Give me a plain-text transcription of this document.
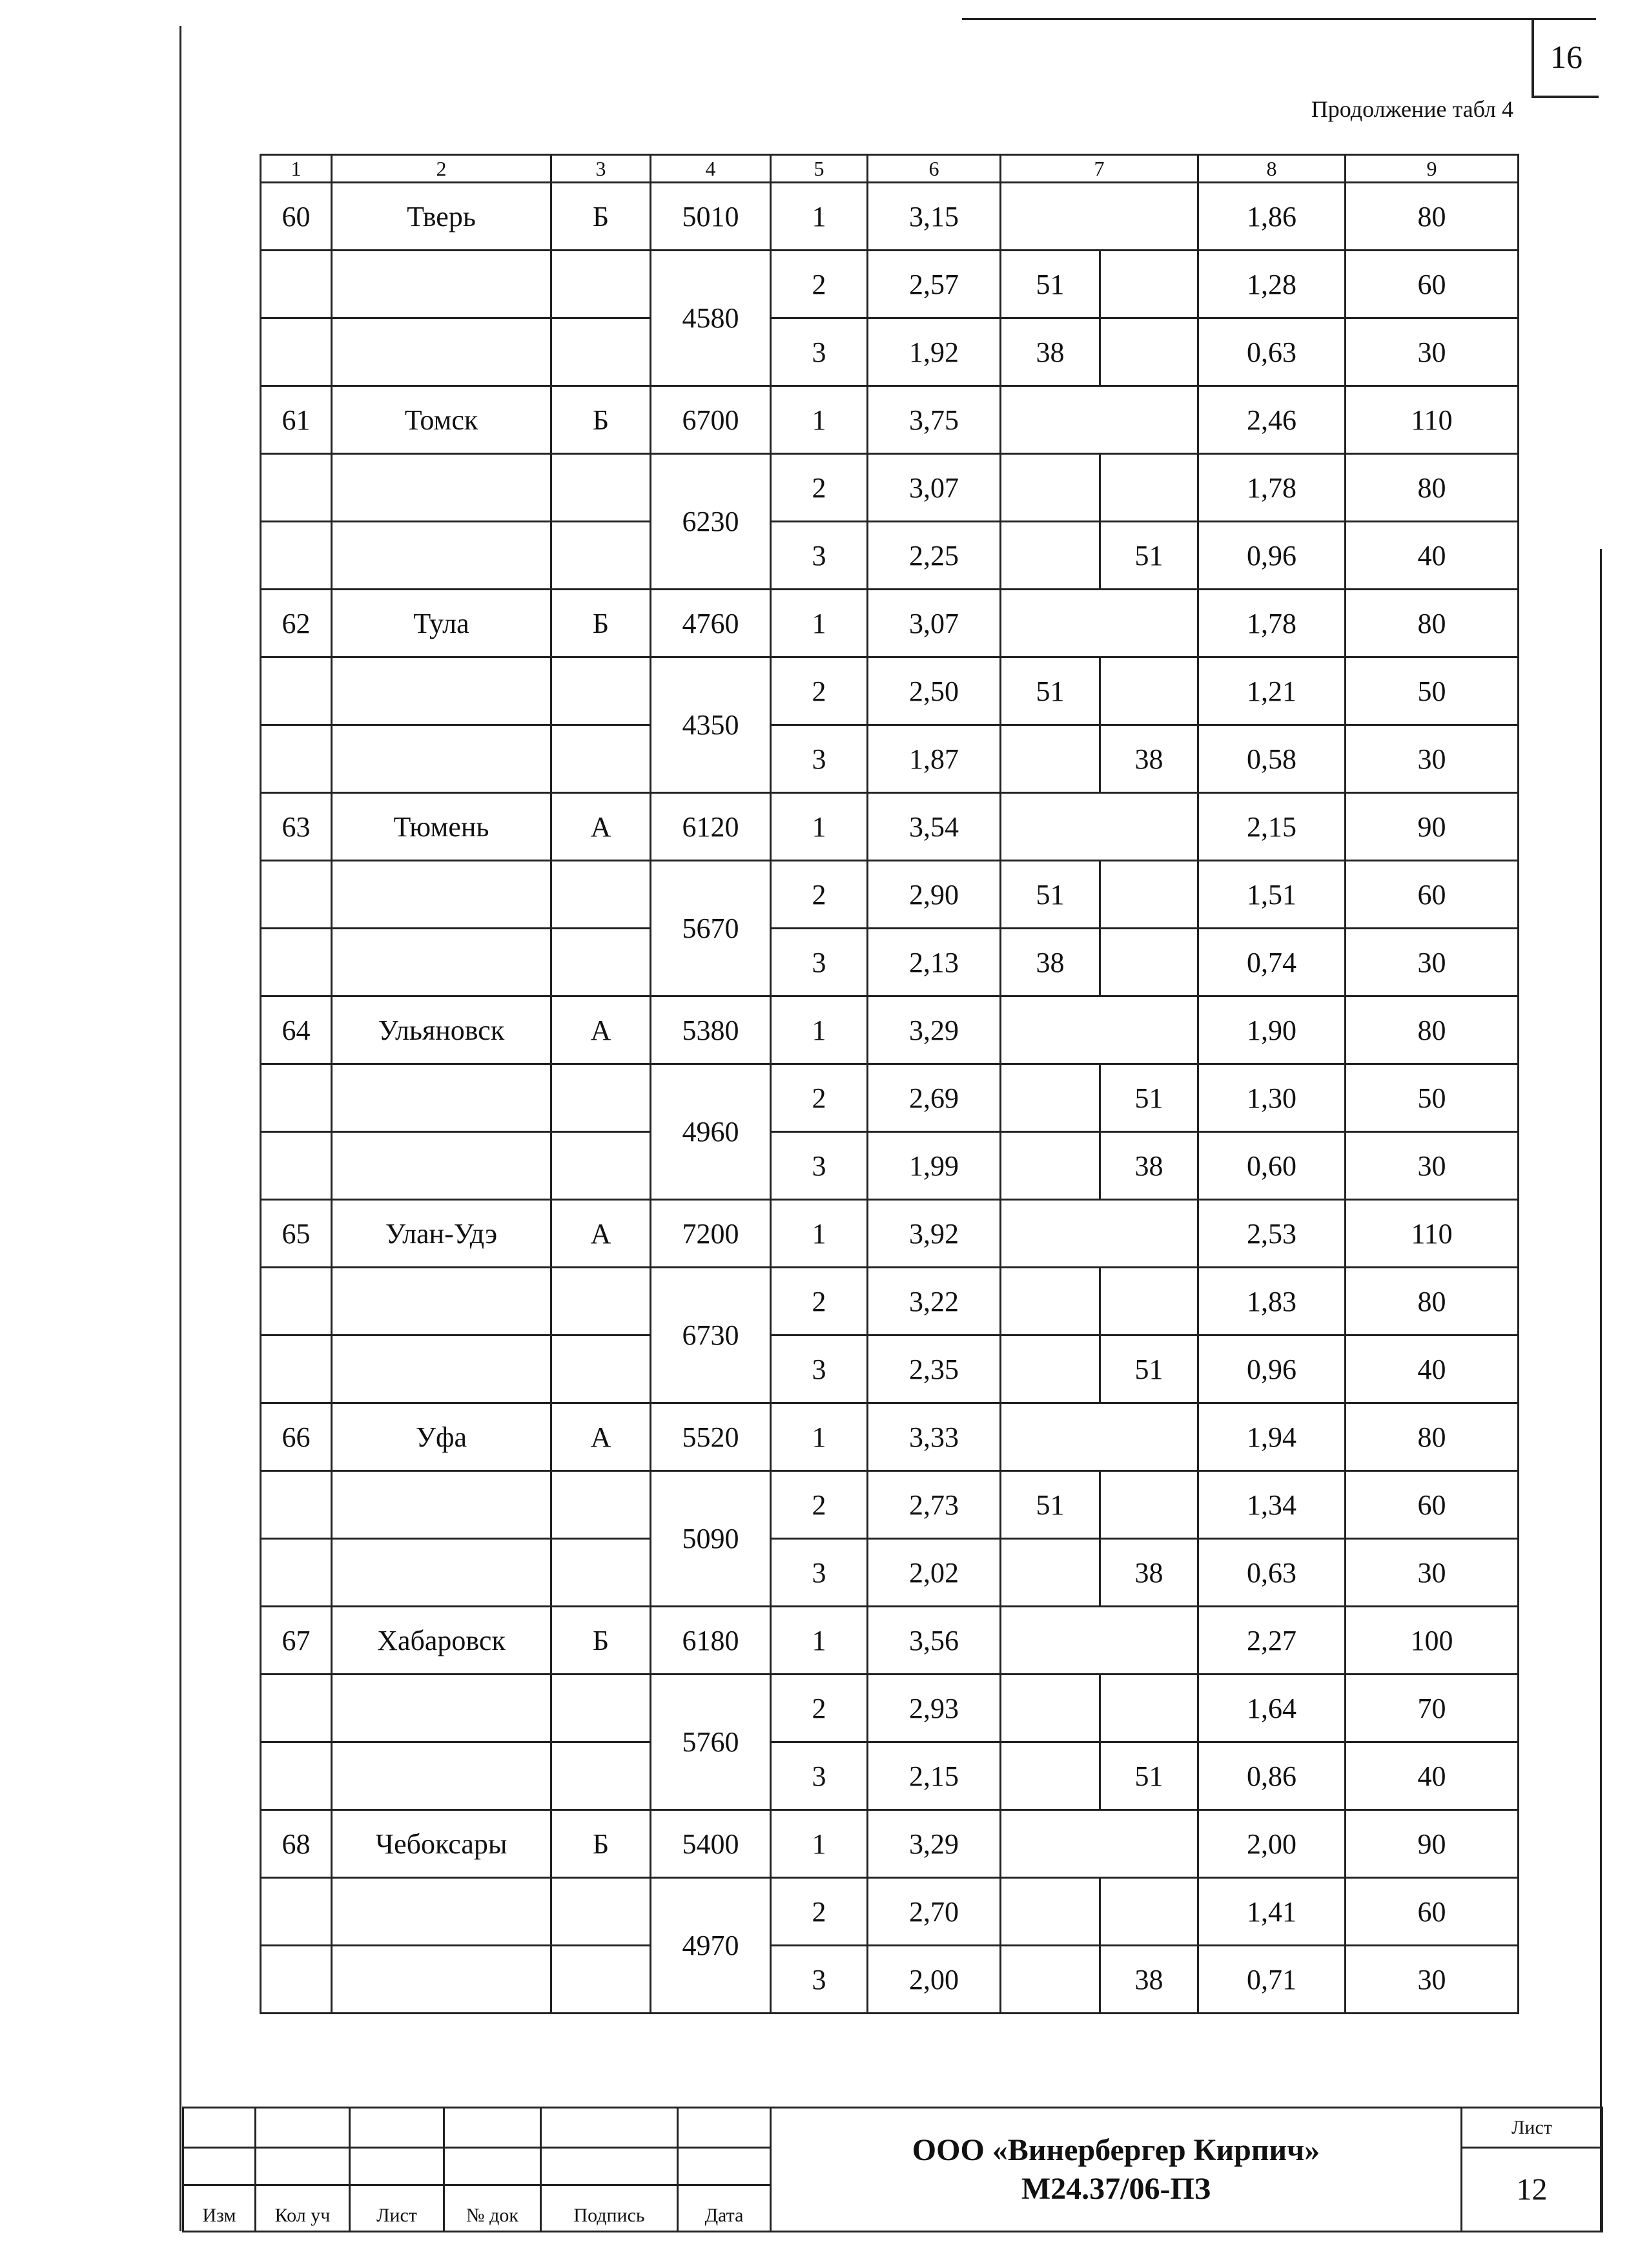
16
Продолжение табл 4
1	2	3	4	5	6	7		8	9
60	Тверь	Б	5010	1	3,15			1,86	80
			4580	2	2,57	51		1,28	60
				3	1,92	38		0,63	30
61	Томск	Б	6700	1	3,75			2,46	110
			6230	2	3,07			1,78	80
				3	2,25		51	0,96	40
62	Тула	Б	4760	1	3,07			1,78	80
			4350	2	2,50	51		1,21	50
				3	1,87		38	0,58	30
63	Тюмень	А	6120	1	3,54			2,15	90
			5670	2	2,90	51		1,51	60
				3	2,13	38		0,74	30
64	Ульяновск	А	5380	1	3,29			1,90	80
			4960	2	2,69		51	1,30	50
				3	1,99		38	0,60	30
65	Улан-Удэ	А	7200	1	3,92			2,53	110
			6730	2	3,22			1,83	80
				3	2,35		51	0,96	40
66	Уфа	А	5520	1	3,33			1,94	80
			5090	2	2,73	51		1,34	60
				3	2,02		38	0,63	30
67	Хабаровск	Б	6180	1	3,56			2,27	100
			5760	2	2,93			1,64	70
				3	2,15		51	0,86	40
68	Чебоксары	Б	5400	1	3,29			2,00	90
			4970	2	2,70			1,41	60
				3	2,00		38	0,71	30

						ООО «Винербергер Кирпич»
М24.37/06-ПЗ	Лист
							12
Изм	Кол уч	Лист	№ док	Подпись	Дата		
